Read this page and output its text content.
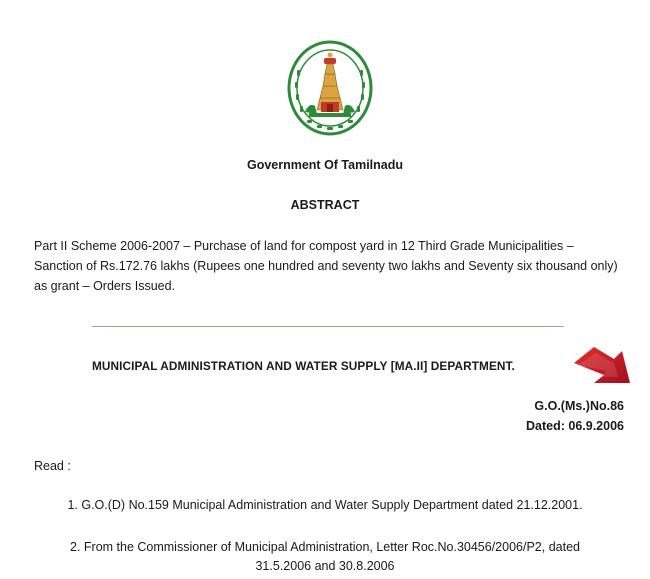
Government Of Tamilnadu
ABSTRACT
Part II Scheme 2006-2007 – Purchase of land for compost yard in 12 Third Grade Municipalities – Sanction of Rs.172.76 lakhs (Rupees one hundred and seventy two lakhs and Seventy six thousand only) as grant – Orders Issued.
MUNICIPAL ADMINISTRATION AND WATER SUPPLY [MA.II] DEPARTMENT.
G.O.(Ms.)No.86
Dated: 06.9.2006
Read :
1. G.O.(D) No.159 Municipal Administration and Water Supply Department dated 21.12.2001.
2. From the Commissioner of Municipal Administration, Letter Roc.No.30456/2006/P2, dated
31.5.2006 and 30.8.2006
